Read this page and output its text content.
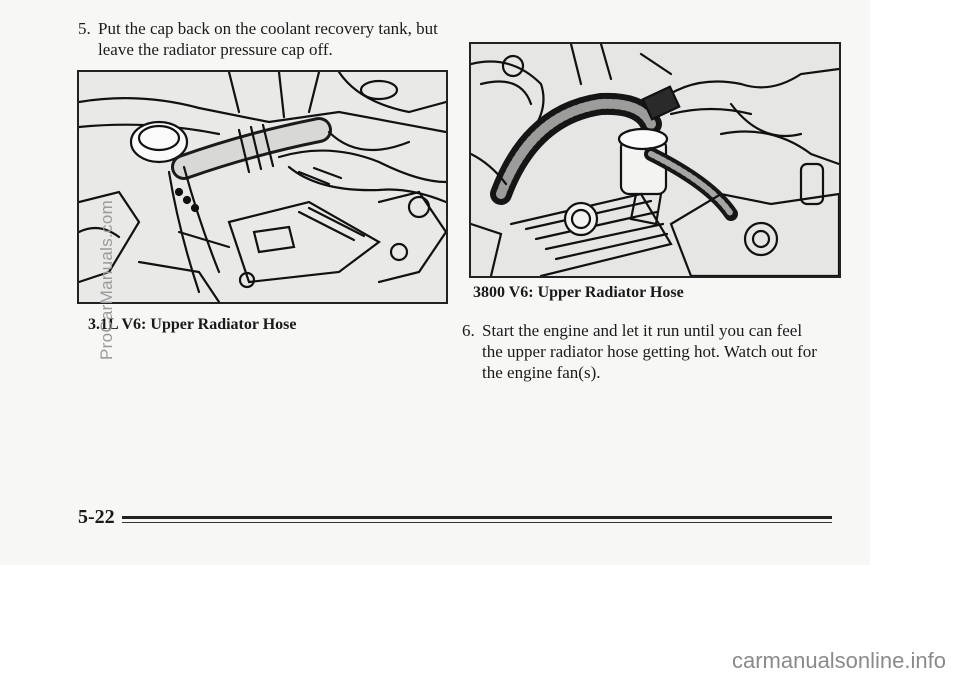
5. Put the cap back on the coolant recovery tank, but leave the radiator pressure cap off.
3.1L V6: Upper Radiator Hose
3800 V6: Upper Radiator Hose
6. Start the engine and let it run until you can feel the upper radiator hose getting hot. Watch out for the engine fan(s).
5-22
ProCarManuals.com
carmanualsonline.info
